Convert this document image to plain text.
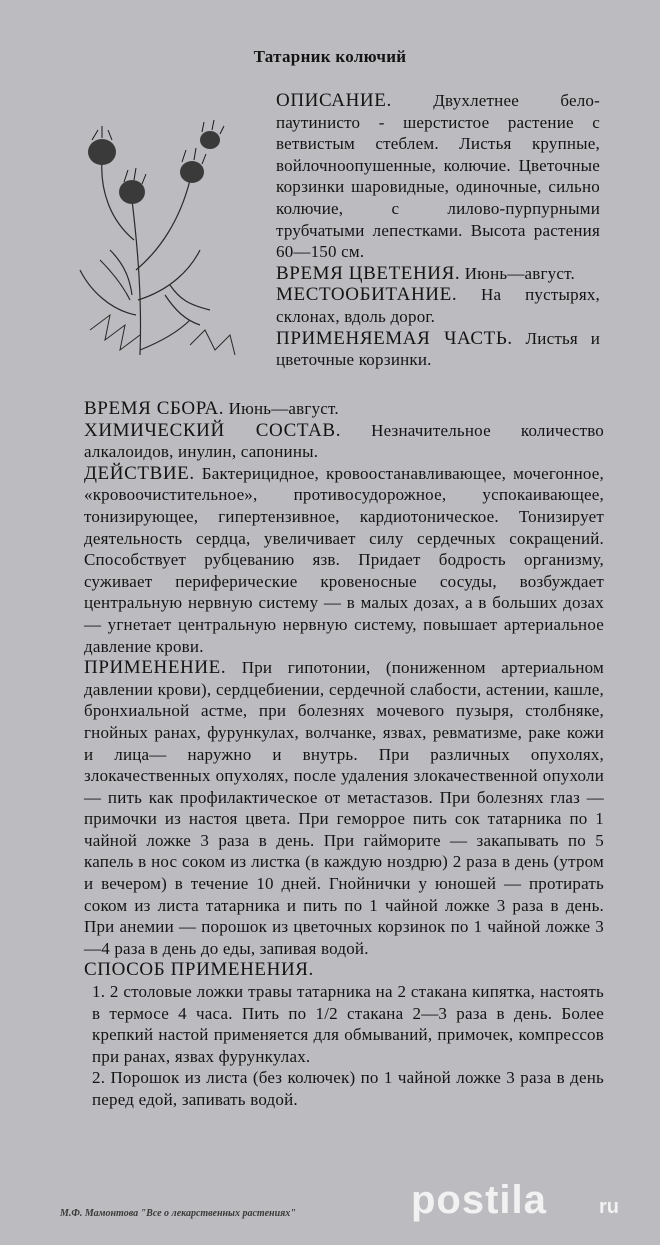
Татарник колючий

ОПИСАНИЕ. Двухлетнее бело-паутинисто - шерстистое растение с ветвистым стеблем. Листья крупные, войлочноопушенные, колючие. Цветочные корзинки шаровидные, одиночные, сильно колючие, с лилово-пурпурными трубчатыми лепестками. Высота растения 60—150 см.

ВРЕМЯ ЦВЕТЕНИЯ. Июнь—август.

МЕСТООБИТАНИЕ. На пустырях, склонах, вдоль дорог.

ПРИМЕНЯЕМАЯ ЧАСТЬ. Листья и цветочные корзинки.

ВРЕМЯ СБОРА. Июнь—август.

ХИМИЧЕСКИЙ СОСТАВ. Незначительное количество алкалоидов, инулин, сапонины.

ДЕЙСТВИЕ. Бактерицидное, кровоостанавливающее, мочегонное, «кровоочистительное», противосудорожное, успокаивающее, тонизирующее, гипертензивное, кардиотоническое. Тонизирует деятельность сердца, увеличивает силу сердечных сокращений. Способствует рубцеванию язв. Придает бодрость организму, суживает периферические кровеносные сосуды, возбуждает центральную нервную систему — в малых дозах, а в больших дозах — угнетает центральную нервную систему, повышает артериальное давление крови.

ПРИМЕНЕНИЕ. При гипотонии, (пониженном артериальном давлении крови), сердцебиении, сердечной слабости, астении, кашле, бронхиальной астме, при болезнях мочевого пузыря, столбняке, гнойных ранах, фурункулах, волчанке, язвах, ревматизме, раке кожи и лица— наружно и внутрь. При различных опухолях, злокачественных опухолях, после удаления злокачественной опухоли — пить как профилактическое от метастазов. При болезнях глаз — примочки из настоя цвета. При геморрое пить сок татарника по 1 чайной ложке 3 раза в день. При гайморите — закапывать по 5 капель в нос соком из листка (в каждую ноздрю) 2 раза в день (утром и вечером) в течение 10 дней. Гнойнички у юношей — протирать соком из листа татарника и пить по 1 чайной ложке 3 раза в день. При анемии — порошок из цветочных корзинок по 1 чайной ложке 3—4 раза в день до еды, запивая водой.

СПОСОБ ПРИМЕНЕНИЯ.

1. 2 столовые ложки травы татарника на 2 стакана кипятка, настоять в термосе 4 часа. Пить по 1/2 стакана 2—3 раза в день. Более крепкий настой применяется для обмываний, примочек, компрессов при ранах, язвах фурункулах.

2. Порошок из листа (без колючек) по 1 чайной ложке 3 раза в день перед едой, запивать водой.

М.Ф. Мамонтова "Все о лекарственных растениях"	postila	ru
